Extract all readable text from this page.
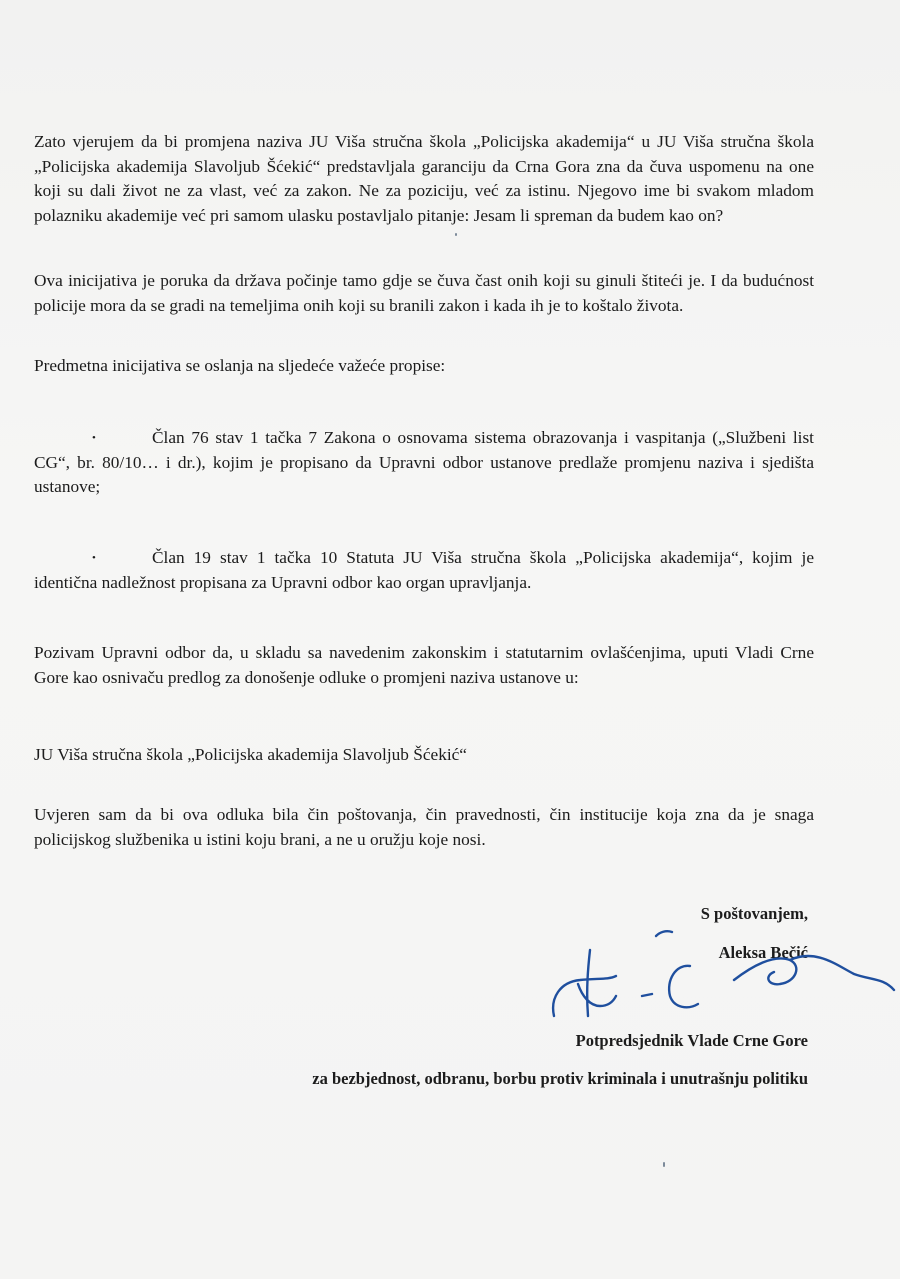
Zato vjerujem da bi promjena naziva JU Viša stručna škola „Policijska akademija“ u JU Viša stručna škola „Policijska akademija Slavoljub Šćekić“ predstavljala garanciju da Crna Gora zna da čuva uspomenu na one koji su dali život ne za vlast, već za zakon. Ne za poziciju, već za istinu. Njegovo ime bi svakom mladom polazniku akademije već pri samom ulasku postavljalo pitanje: Jesam li spreman da budem kao on?

Ova inicijativa je poruka da država počinje tamo gdje se čuva čast onih koji su ginuli štiteći je. I da budućnost policije mora da se gradi na temeljima onih koji su branili zakon i kada ih je to koštalo života.

Predmetna inicijativa se oslanja na sljedeće važeće propise:

•	Član 76 stav 1 tačka 7 Zakona o osnovama sistema obrazovanja i vaspitanja („Službeni list CG“, br. 80/10… i dr.), kojim je propisano da Upravni odbor ustanove predlaže promjenu naziva i sjedišta ustanove;

•	Član 19 stav 1 tačka 10 Statuta JU Viša stručna škola „Policijska akademija“, kojim je identična nadležnost propisana za Upravni odbor kao organ upravljanja.

Pozivam Upravni odbor da, u skladu sa navedenim zakonskim i statutarnim ovlašćenjima, uputi Vladi Crne Gore kao osnivaču predlog za donošenje odluke o promjeni naziva ustanove u:

JU Viša stručna škola „Policijska akademija Slavoljub Šćekić“

Uvjeren sam da bi ova odluka bila čin poštovanja, čin pravednosti, čin institucije koja zna da je snaga policijskog službenika u istini koju brani, a ne u oružju koje nosi.

S poštovanjem,
Aleksa Bečić
Potpredsjednik Vlade Crne Gore
za bezbjednost, odbranu, borbu protiv kriminala i unutrašnju politiku
